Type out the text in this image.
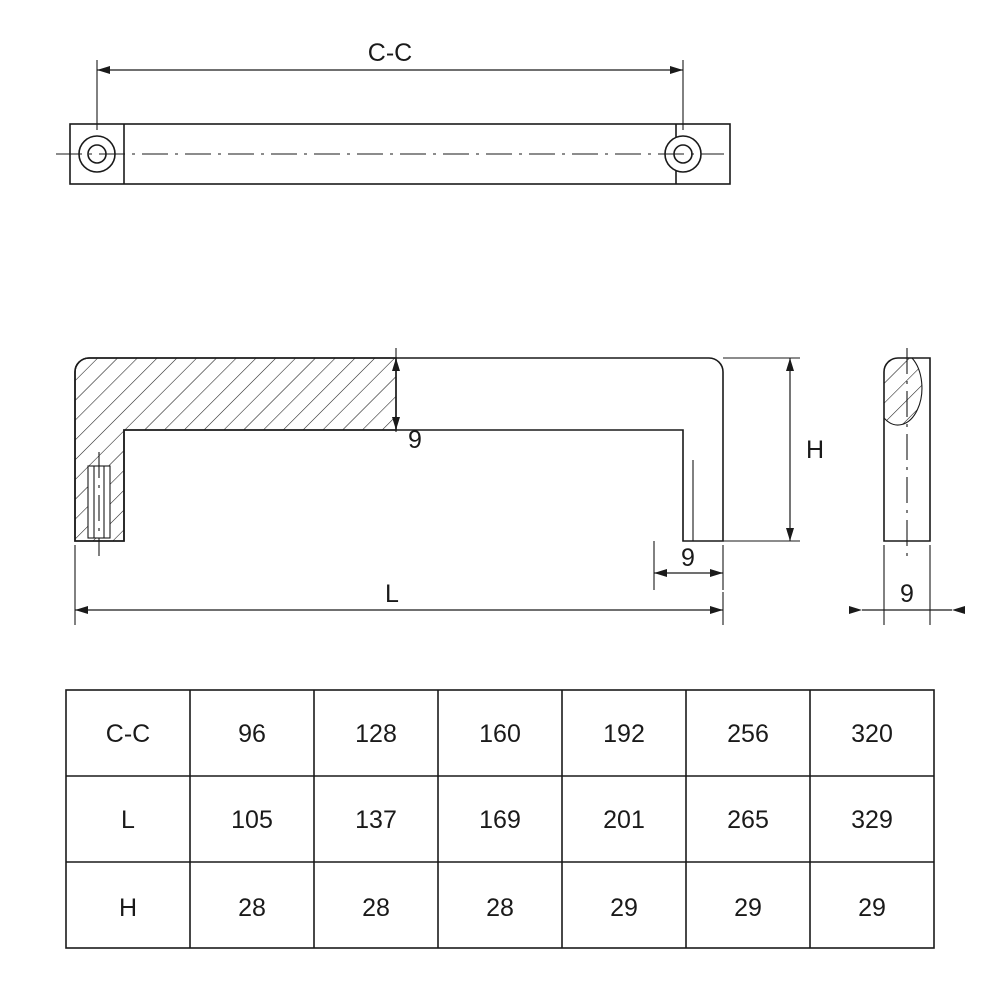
C-C
9	H
9
L	9
C-C	96	128	160	192	256	320
L	105	137	169	201	265	329
H	28	28	28	29	29	29
